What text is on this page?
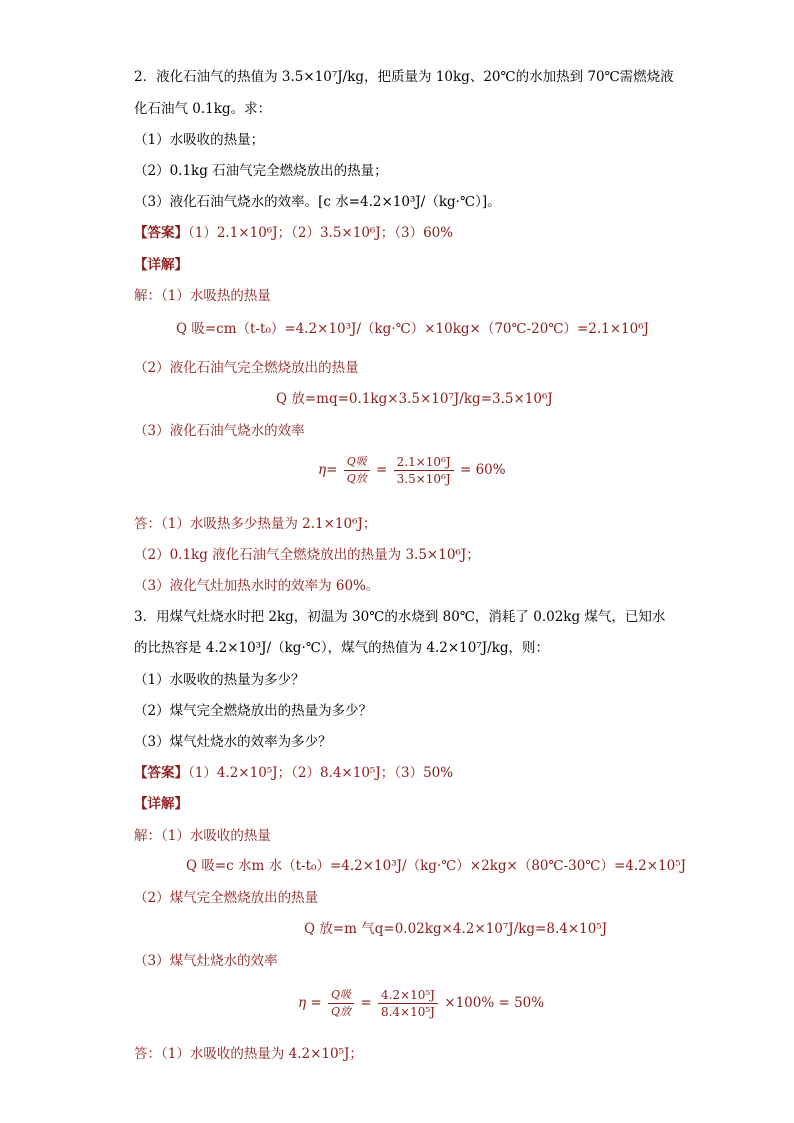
2．液化石油气的热值为 3.5×10⁷J/kg，把质量为 10kg、20℃的水加热到 70℃需燃烧液
化石油气 0.1kg。求：
（1）水吸收的热量；
（2）0.1kg 石油气完全燃烧放出的热量；
（3）液化石油气烧水的效率。[c 水=4.2×10³J/（kg·℃）]。
【答案】（1）2.1×10⁶J；（2）3.5×10⁶J；（3）60%
【详解】
解：（1）水吸热的热量
Q 吸=cm（t-t₀）=4.2×10³J/（kg·℃）×10kg×（70℃-20℃）=2.1×10⁶J
（2）液化石油气完全燃烧放出的热量
Q 放=mq=0.1kg×3.5×10⁷J/kg=3.5×10⁶J
（3）液化石油气烧水的效率
$\eta= \frac{\text{Q吸}}{\text{Q放}} = \frac{\text{2.1×10⁶J}}{\text{3.5×10⁶J}} = 60\%$
答：（1）水吸热多少热量为 2.1×10⁶J；
（2）0.1kg 液化石油气全燃烧放出的热量为 3.5×10⁶J；
（3）液化气灶加热水时的效率为 60%。
3．用煤气灶烧水时把 2kg，初温为 30℃的水烧到 80℃，消耗了 0.02kg 煤气，已知水
的比热容是 4.2×10³J/（kg·℃），煤气的热值为 4.2×10⁷J/kg，则：
（1）水吸收的热量为多少？
（2）煤气完全燃烧放出的热量为多少？
（3）煤气灶烧水的效率为多少？
【答案】（1）4.2×10⁵J；（2）8.4×10⁵J；（3）50%
【详解】
解：（1）水吸收的热量
Q 吸=c 水m 水（t-t₀）=4.2×10³J/（kg·℃）×2kg×（80℃-30℃）=4.2×10⁵J
（2）煤气完全燃烧放出的热量
Q 放=m 气q=0.02kg×4.2×10⁷J/kg=8.4×10⁵J
（3）煤气灶烧水的效率
$\eta = \frac{\text{Q吸}}{\text{Q放}} = \frac{\text{4.2×10⁵J}}{\text{8.4×10⁵J}} \times 100\% = 50\%$
答：（1）水吸收的热量为 4.2×10⁵J；
